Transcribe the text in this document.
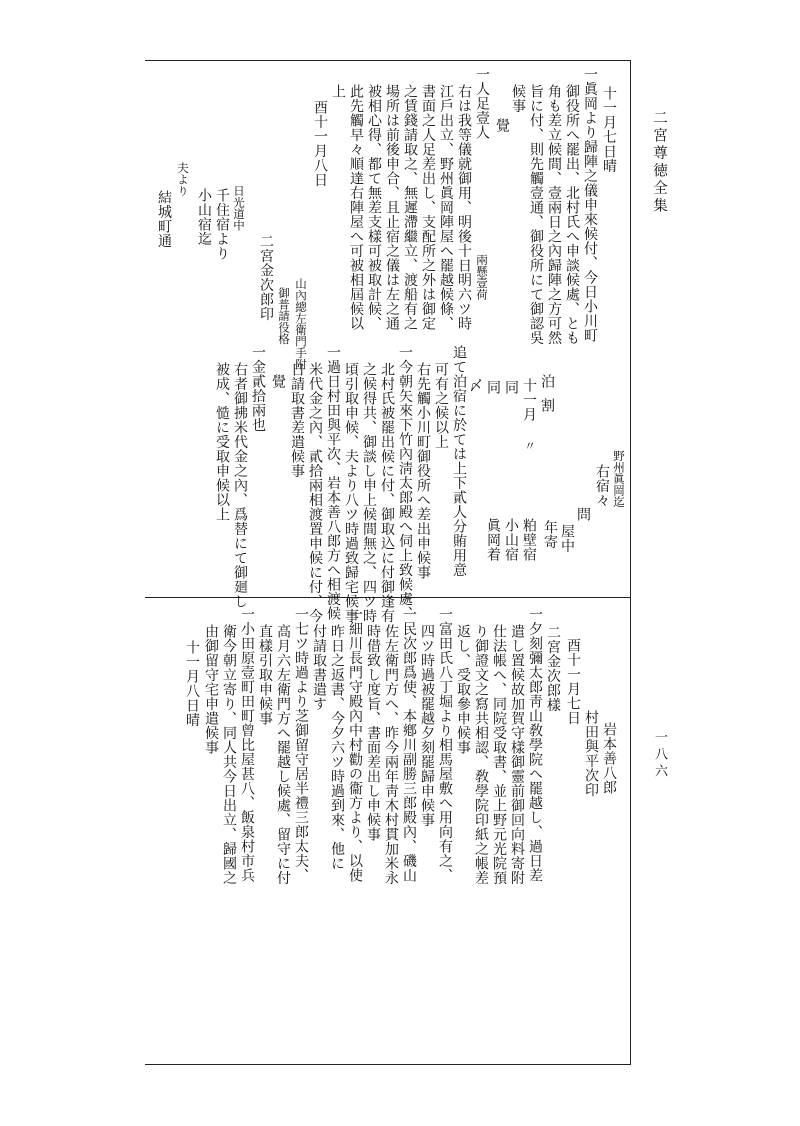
二宮尊徳全集
一八六
十一月七日晴
一眞岡より歸陣之儀申來候付、今日小川町
御役所へ罷出、北村氏へ申談候處、とも
角も差立候間、壹兩日之內歸陣之方可然
旨に付、則先觸壹通、御役所にて御認吳
候事
覺
一人足壹人
兩懸壹荷
右は我等儀就御用、明後十日明六ツ時
江戶出立、野州眞岡陣屋へ罷越候條、
書面之人足差出し、支配所之外は御定
之賃錢請取之、無遲滯繼立、渡船有之
場所は前後申合、且止宿之儀は左之通
被相心得、都て無差支樣可被取計候、
此先觸早々順達右陣屋へ可被相屆候以
上
酉十一月八日
山內總左衛門手附
御普請役格
二宮金次郎印
日光道中
千住宿より
小山宿迄
夫より
結城町通
野州眞岡迄
右宿々
問
屋中
年寄
泊割
十一月
〃
同
粕壁宿
同
小山宿
〆
眞岡着
追て泊宿に於ては上下貳人分賄用意
可有之候以上
右先觸小川町御役所へ差出申候事
一今朝矢來下竹內淸太郎殿へ伺上致候處、
北村氏被罷出候に付、御取込に付御逢有
之候得共、御談し申上候間無之、四ツ時
頃引取申候、夫より八ツ時過致歸宅候事
一過日村田與平次、岩本善八郎方へ相渡候
米代金之內、貳拾兩相渡置申候に付、今
日請取書差遣候事
覺
一金貳拾兩也
右者御拂米代金之內、爲替にて御廻し
被成、慥に受取申候以上
岩本善八郎
村田與平次印
酉十一月七日
二宮金次郎樣
一夕刻彌太郎靑山敎學院へ罷越し、過日差
遣し置候故加賀守樣御靈前御回向料寄附
仕法帳へ、同院受取書、並上野元光院預
り御證文之寫共相認、敎學院印紙之帳差
返し、受取參申候事
一富田氏八丁堀より相馬屋敷へ用向有之、
四ツ時過被罷越夕刻罷歸申候事
一民次郎爲使、本鄕川副勝三郎殿內、磯山
佐左衛門方へ、昨今兩年靑木村貫加米永
時借致し度旨、書面差出し申候事
一細川長門守殿內中村勸の衞方より、以使
昨日之返書、今夕六ツ時過到來、他に
付請取書遣す
一七ツ時過より芝御留守居半禮三郎太夫、
高月六左衛門方へ罷越し候處、留守に付
直樣引取申候事
一小田原壹町田町曾比屋甚八、飯泉村市兵
衛今朝立寄り、同人共今日出立、歸國之
由御留守宅申遣候事
十一月八日晴
